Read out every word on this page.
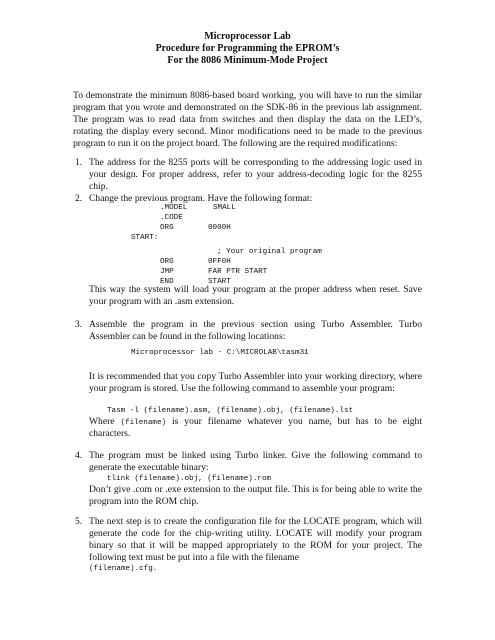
Microprocessor Lab
Procedure for Programming the EPROM’s
For the 8086 Minimum-Mode Project

To demonstrate the minimum 8086-based board working, you will have to run the similar program that you wrote and demonstrated on the SDK-86 in the previous lab assignment. The program was to read data from switches and then display the data on the LED’s, rotating the display every second. Minor modifications need to be made to the previous program to run it on the project board. The following are the required modifications:

1. The address for the 8255 ports will be corresponding to the addressing logic used in your design. For proper address, refer to your address-decoding logic for the 8255 chip.

2. Change the previous program. Have the following format:

.MODEL	SMALL
.CODE
ORG	0000H
START:
; Your original program
ORG	0FF0H
JMP	FAR PTR START
END	START

This way the system will load your program at the proper address when reset. Save your program with an .asm extension.

3. Assemble the program in the previous section using Turbo Assembler. Turbo Assembler can be found in the following locations:

Microprocessor lab - C:\MICROLAB\tasm31

It is recommended that you copy Turbo Assembler into your working directory, where your program is stored. Use the following command to assemble your program:

Tasm -l (filename).asm, (filename).obj, (filename).lst

Where (filename) is your filename whatever you name, but has to be eight characters.

4. The program must be linked using Turbo linker. Give the following command to generate the executable binary:

tlink (filename).obj, (filename).rom

Don’t give .com or .exe extension to the output file. This is for being able to write the program into the ROM chip.

5. The next step is to create the configuration file for the LOCATE program, which will generate the code for the chip-writing utility. LOCATE will modify your program binary so that it will be mapped appropriately to the ROM for your project. The following text must be put into a file with the filename

(filename).cfg.
